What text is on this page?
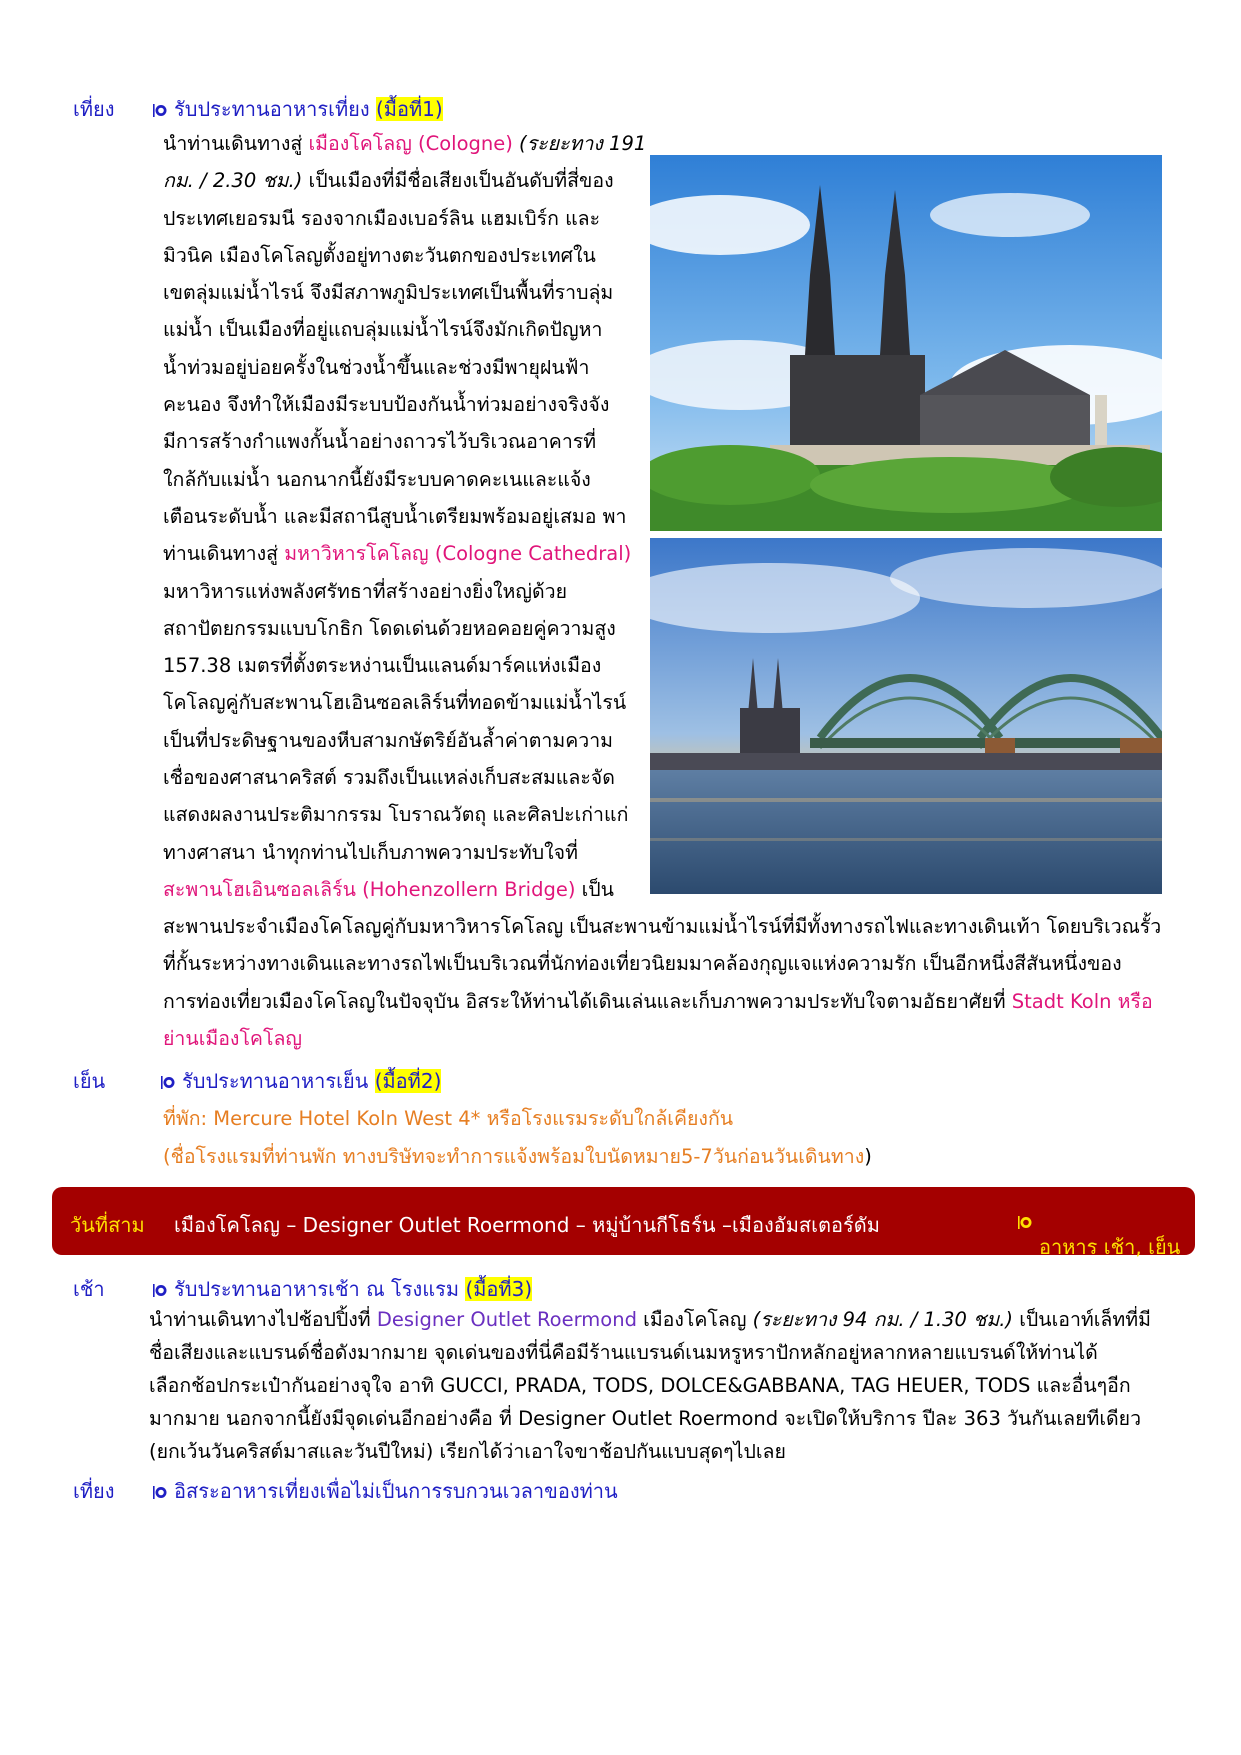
เที่ยง	รับประทานอาหารเที่ยง (มื้อที่1)
นำท่านเดินทางสู่ เมืองโคโลญ (Cologne) (ระยะทาง 191
กม. / 2.30 ชม.) เป็นเมืองที่มีชื่อเสียงเป็นอันดับที่สี่ของ
ประเทศเยอรมนี รองจากเมืองเบอร์ลิน แฮมเบิร์ก และ
มิวนิค เมืองโคโลญตั้งอยู่ทางตะวันตกของประเทศใน
เขตลุ่มแม่น้ำไรน์ จึงมีสภาพภูมิประเทศเป็นพื้นที่ราบลุ่ม
แม่น้ำ เป็นเมืองที่อยู่แถบลุ่มแม่น้ำไรน์จึงมักเกิดปัญหา
น้ำท่วมอยู่บ่อยครั้งในช่วงน้ำขึ้นและช่วงมีพายุฝนฟ้า
คะนอง จึงทำให้เมืองมีระบบป้องกันน้ำท่วมอย่างจริงจัง
มีการสร้างกำแพงกั้นน้ำอย่างถาวรไว้บริเวณอาคารที่
ใกล้กับแม่น้ำ นอกนากนี้ยังมีระบบคาดคะเนและแจ้ง
เตือนระดับน้ำ และมีสถานีสูบน้ำเตรียมพร้อมอยู่เสมอ พา
ท่านเดินทางสู่ มหาวิหารโคโลญ (Cologne Cathedral)
มหาวิหารแห่งพลังศรัทธาที่สร้างอย่างยิ่งใหญ่ด้วย
สถาปัตยกรรมแบบโกธิก โดดเด่นด้วยหอคอยคู่ความสูง
157.38 เมตรที่ตั้งตระหง่านเป็นแลนด์มาร์คแห่งเมือง
โคโลญคู่กับสะพานโฮเอินซอลเลิร์นที่ทอดข้ามแม่น้ำไรน์
เป็นที่ประดิษฐานของหีบสามกษัตริย์อันล้ำค่าตามความ
เชื่อของศาสนาคริสต์ รวมถึงเป็นแหล่งเก็บสะสมและจัด
แสดงผลงานประติมากรรม โบราณวัตถุ และศิลปะเก่าแก่
ทางศาสนา นำทุกท่านไปเก็บภาพความประทับใจที่
สะพานโฮเอินซอลเลิร์น (Hohenzollern Bridge) เป็น
สะพานประจำเมืองโคโลญคู่กับมหาวิหารโคโลญ เป็นสะพานข้ามแม่น้ำไรน์ที่มีทั้งทางรถไฟและทางเดินเท้า โดยบริเวณรั้ว
ที่กั้นระหว่างทางเดินและทางรถไฟเป็นบริเวณที่นักท่องเที่ยวนิยมมาคล้องกุญแจแห่งความรัก เป็นอีกหนึ่งสีสันหนึ่งของ
การท่องเที่ยวเมืองโคโลญในปัจจุบัน อิสระให้ท่านได้เดินเล่นและเก็บภาพความประทับใจตามอัธยาศัยที่ Stadt Koln หรือ
ย่านเมืองโคโลญ
เย็น	รับประทานอาหารเย็น (มื้อที่2)
ที่พัก: Mercure Hotel Koln West 4* หรือโรงแรมระดับใกล้เคียงกัน
(ชื่อโรงแรมที่ท่านพัก ทางบริษัทจะทำการแจ้งพร้อมใบนัดหมาย5-7วันก่อนวันเดินทาง)
วันที่สาม เมืองโคโลญ – Designer Outlet Roermond – หมู่บ้านกีโธร์น –เมืองอัมสเตอร์ดัม
อาหาร เช้า, เย็น
เช้า	รับประทานอาหารเช้า ณ โรงแรม (มื้อที่3)
นำท่านเดินทางไปช้อปปิ้งที่ Designer Outlet Roermond เมืองโคโลญ (ระยะทาง 94 กม. / 1.30 ชม.) เป็นเอาท์เล็ทที่มี
ชื่อเสียงและแบรนด์ชื่อดังมากมาย จุดเด่นของที่นี่คือมีร้านแบรนด์เนมหรูหราปักหลักอยู่หลากหลายแบรนด์ให้ท่านได้
เลือกช้อปกระเป๋ากันอย่างจุใจ อาทิ GUCCI, PRADA, TODS, DOLCE&GABBANA, TAG HEUER, TODS และอื่นๆอีก
มากมาย นอกจากนี้ยังมีจุดเด่นอีกอย่างคือ ที่ Designer Outlet Roermond จะเปิดให้บริการ ปีละ 363 วันกันเลยทีเดียว
(ยกเว้นวันคริสต์มาสและวันปีใหม่) เรียกได้ว่าเอาใจขาช้อปกันแบบสุดๆไปเลย
เที่ยง	อิสระอาหารเที่ยงเพื่อไม่เป็นการรบกวนเวลาของท่าน
